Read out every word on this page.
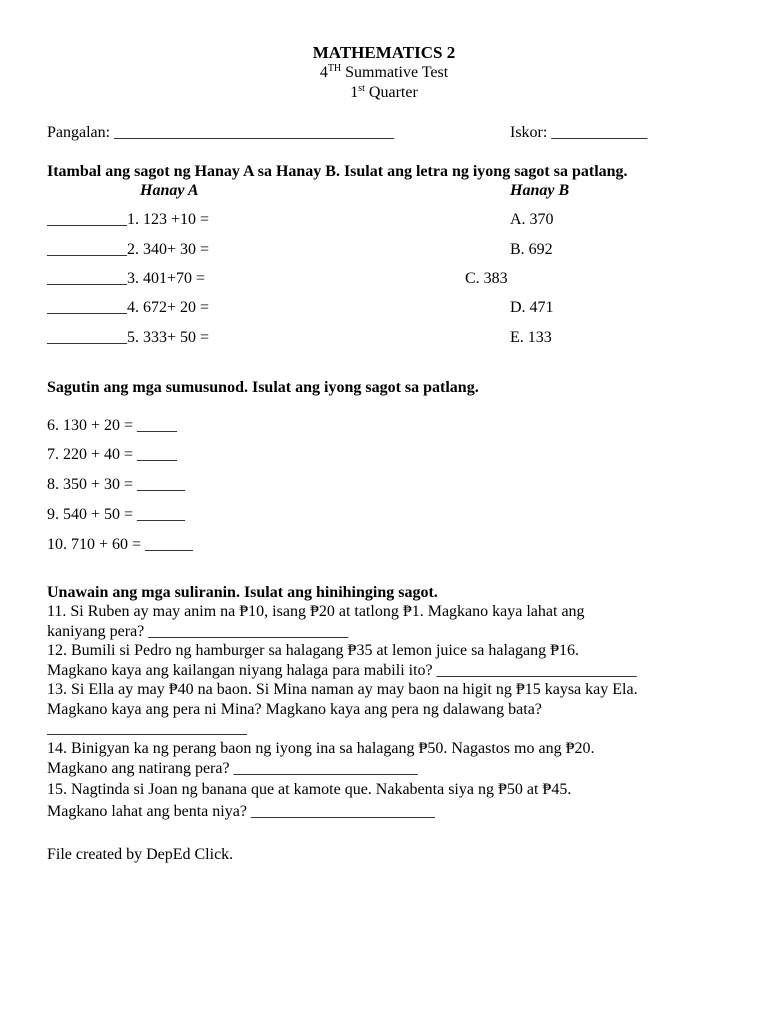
MATHEMATICS 2
4TH Summative Test
1st Quarter
Pangalan: ___________________________________	Iskor: ____________
Itambal ang sagot ng Hanay A sa Hanay B. Isulat ang letra ng iyong sagot sa patlang.
Hanay A	Hanay B
__________1. 123 +10 =	A. 370
__________2. 340+ 30 =	B. 692
__________3. 401+70 =	C. 383
__________4. 672+ 20 =	D. 471
__________5. 333+ 50 =	E. 133
Sagutin ang mga sumusunod. Isulat ang iyong sagot sa patlang.
6. 130 + 20 = _____
7. 220 + 40 = _____
8. 350 + 30 = ______
9. 540 + 50 = ______
10. 710 + 60 = ______
Unawain ang mga suliranin. Isulat ang hinihinging sagot.
11. Si Ruben ay may anim na ₱10, isang ₱20 at tatlong ₱1. Magkano kaya lahat ang
kaniyang pera? _________________________
12. Bumili si Pedro ng hamburger sa halagang ₱35 at lemon juice sa halagang ₱16.
Magkano kaya ang kailangan niyang halaga para mabili ito? _________________________
13. Si Ella ay may ₱40 na baon. Si Mina naman ay may baon na higit ng ₱15 kaysa kay Ela.
Magkano kaya ang pera ni Mina? Magkano kaya ang pera ng dalawang bata?
_________________________
14. Binigyan ka ng perang baon ng iyong ina sa halagang ₱50. Nagastos mo ang ₱20.
Magkano ang natirang pera? _______________________
15. Nagtinda si Joan ng banana que at kamote que. Nakabenta siya ng ₱50 at ₱45.
Magkano lahat ang benta niya? _______________________
File created by DepEd Click.
